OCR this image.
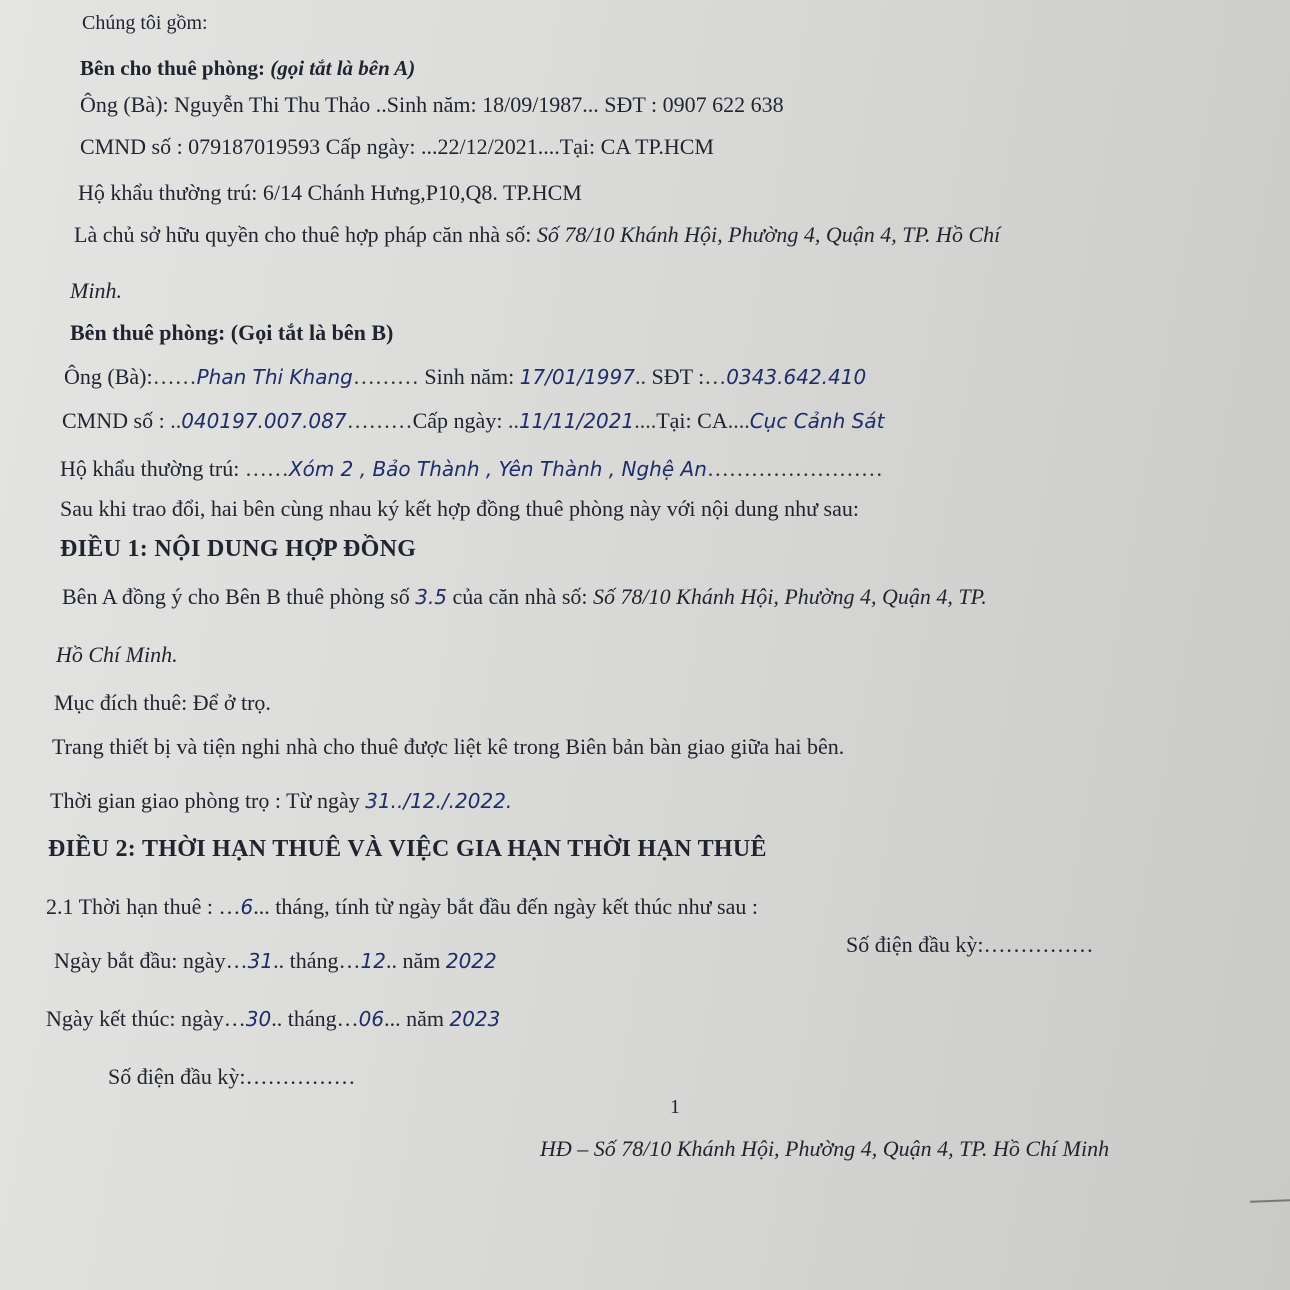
Chúng tôi gồm:
Bên cho thuê phòng: (gọi tắt là bên A)
Ông (Bà): Nguyễn Thi Thu Thảo ..Sinh năm: 18/09/1987... SĐT : 0907 622 638
CMND số : 079187019593 Cấp ngày: ...22/12/2021....Tại: CA TP.HCM
Hộ khẩu thường trú: 6/14 Chánh Hưng,P10,Q8. TP.HCM
Là chủ sở hữu quyền cho thuê hợp pháp căn nhà số: Số 78/10 Khánh Hội, Phường 4, Quận 4, TP. Hồ Chí
Minh.
Bên thuê phòng: (Gọi tắt là bên B)
Ông (Bà):……Phan Thi Khang……… Sinh năm: 17/01/1997.. SĐT :…0343.642.410
CMND số : ..040197.007.087………Cấp ngày: ..11/11/2021....Tại: CA....Cục Cảnh Sát
Hộ khẩu thường trú: ……Xóm 2 , Bảo Thành , Yên Thành , Nghệ An……………………
Sau khi trao đổi, hai bên cùng nhau ký kết hợp đồng thuê phòng này với nội dung như sau:
ĐIỀU 1: NỘI DUNG HỢP ĐỒNG
Bên A đồng ý cho Bên B thuê phòng số 3.5 của căn nhà số: Số 78/10 Khánh Hội, Phường 4, Quận 4, TP.
Hồ Chí Minh.
Mục đích thuê: Để ở trọ.
Trang thiết bị và tiện nghi nhà cho thuê được liệt kê trong Biên bản bàn giao giữa hai bên.
Thời gian giao phòng trọ : Từ ngày 31../12./.2022.
ĐIỀU 2: THỜI HẠN THUÊ VÀ VIỆC GIA HẠN THỜI HẠN THUÊ
2.1 Thời hạn thuê : …6... tháng, tính từ ngày bắt đầu đến ngày kết thúc như sau :
Ngày bắt đầu: ngày…31.. tháng…12.. năm 2022
Số điện đầu kỳ:……………
Ngày kết thúc: ngày…30.. tháng…06... năm 2023
Số điện đầu kỳ:……………
1
HĐ – Số 78/10 Khánh Hội, Phường 4, Quận 4, TP. Hồ Chí Minh
